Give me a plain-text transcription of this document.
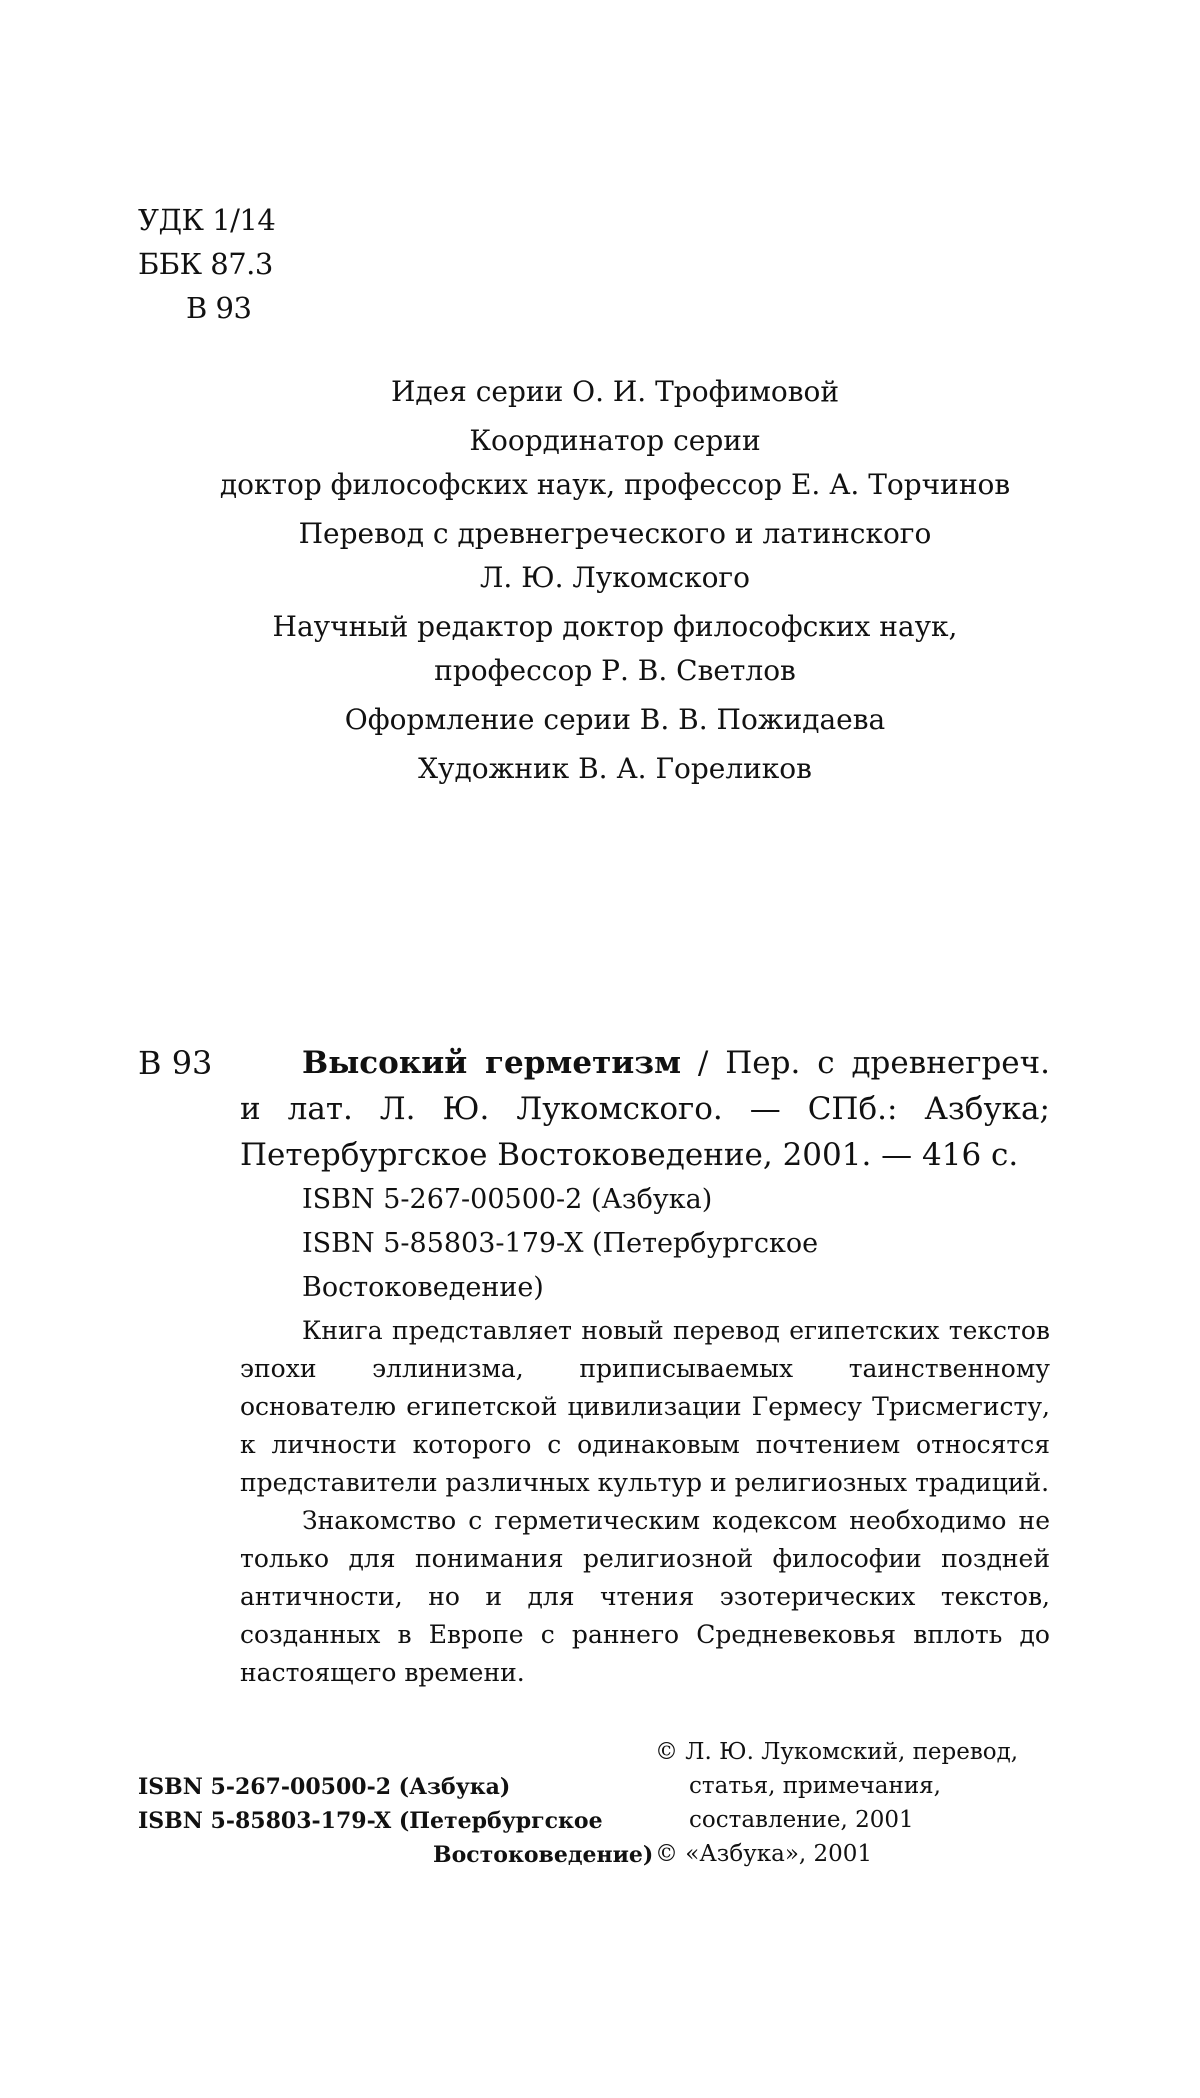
УДК 1/14
ББК 87.3
В 93
Идея серии О. И. Трофимовой
Координатор серии
доктор философских наук, профессор Е. А. Торчинов
Перевод с древнегреческого и латинского
Л. Ю. Лукомского
Научный редактор доктор философских наук,
профессор Р. В. Светлов
Оформление серии В. В. Пожидаева
Художник В. А. Гореликов
В 93	Высокий герметизм / Пер. с древнегреч.
и лат. Л. Ю. Лукомского. — СПб.: Азбука;
Петербургское Востоковедение, 2001. — 416 с.
ISBN 5-267-00500-2 (Азбука)
ISBN 5-85803-179-X (Петербургское Востоковедение)

Книга представляет новый перевод египетских текстов эпохи эллинизма, приписываемых таинственному основателю египетской цивилизации Гермесу Трисмегисту, к личности которого с одинаковым почтением относятся представители различных культур и религиозных традиций.

Знакомство с герметическим кодексом необходимо не только для понимания религиозной философии поздней античности, но и для чтения эзотерических текстов, созданных в Европе с раннего Средневековья вплоть до настоящего времени.

ISBN 5-267-00500-2 (Азбука)
ISBN 5-85803-179-X (Петербургское
Востоковедение)
© Л. Ю. Лукомский, перевод,
статья, примечания,
составление, 2001
© «Азбука», 2001
